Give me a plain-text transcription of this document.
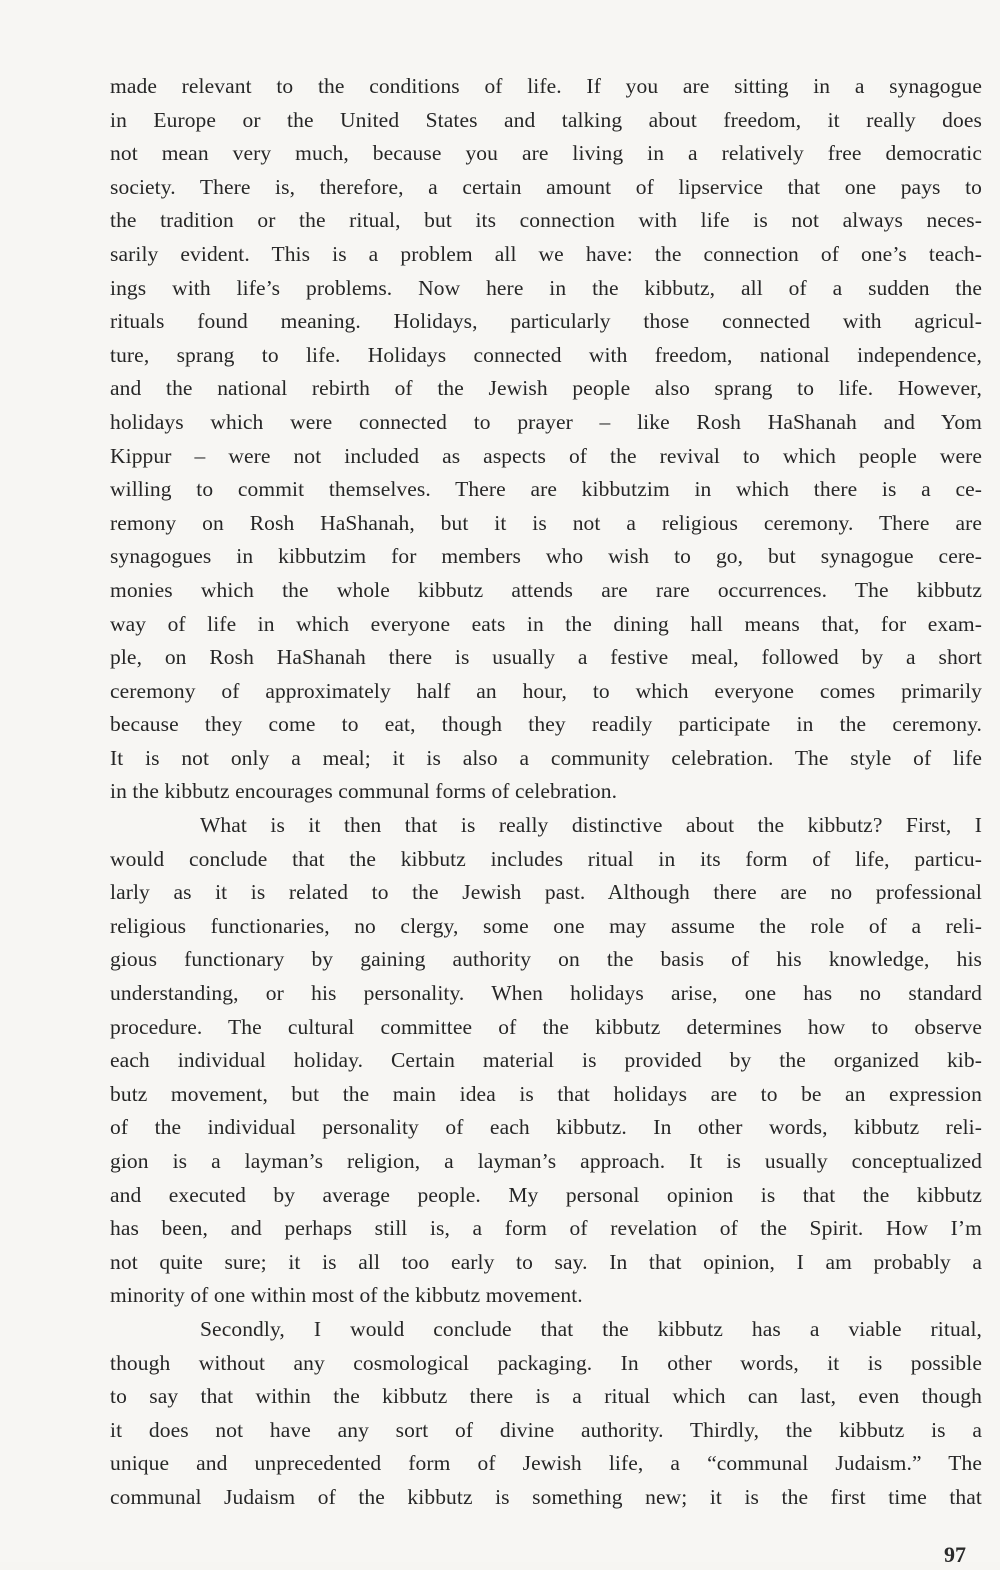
made relevant to the conditions of life. If you are sitting in a synagogue
in Europe or the United States and talking about freedom, it really does
not mean very much, because you are living in a relatively free democratic
society. There is, therefore, a certain amount of lipservice that one pays to
the tradition or the ritual, but its connection with life is not always neces-
sarily evident. This is a problem all we have: the connection of one’s teach-
ings with life’s problems. Now here in the kibbutz, all of a sudden the
rituals found meaning. Holidays, particularly those connected with agricul-
ture, sprang to life. Holidays connected with freedom, national independence,
and the national rebirth of the Jewish people also sprang to life. However,
holidays which were connected to prayer – like Rosh HaShanah and Yom
Kippur – were not included as aspects of the revival to which people were
willing to commit themselves. There are kibbutzim in which there is a ce-
remony on Rosh HaShanah, but it is not a religious ceremony. There are
synagogues in kibbutzim for members who wish to go, but synagogue cere-
monies which the whole kibbutz attends are rare occurrences. The kibbutz
way of life in which everyone eats in the dining hall means that, for exam-
ple, on Rosh HaShanah there is usually a festive meal, followed by a short
ceremony of approximately half an hour, to which everyone comes primarily
because they come to eat, though they readily participate in the ceremony.
It is not only a meal; it is also a community celebration. The style of life
in the kibbutz encourages communal forms of celebration.
What is it then that is really distinctive about the kibbutz? First, I
would conclude that the kibbutz includes ritual in its form of life, particu-
larly as it is related to the Jewish past. Although there are no professional
religious functionaries, no clergy, some one may assume the role of a reli-
gious functionary by gaining authority on the basis of his knowledge, his
understanding, or his personality. When holidays arise, one has no standard
procedure. The cultural committee of the kibbutz determines how to observe
each individual holiday. Certain material is provided by the organized kib-
butz movement, but the main idea is that holidays are to be an expression
of the individual personality of each kibbutz. In other words, kibbutz reli-
gion is a layman’s religion, a layman’s approach. It is usually conceptualized
and executed by average people. My personal opinion is that the kibbutz
has been, and perhaps still is, a form of revelation of the Spirit. How I’m
not quite sure; it is all too early to say. In that opinion, I am probably a
minority of one within most of the kibbutz movement.
Secondly, I would conclude that the kibbutz has a viable ritual,
though without any cosmological packaging. In other words, it is possible
to say that within the kibbutz there is a ritual which can last, even though
it does not have any sort of divine authority. Thirdly, the kibbutz is a
unique and unprecedented form of Jewish life, a “communal Judaism.” The
communal Judaism of the kibbutz is something new; it is the first time that
97
